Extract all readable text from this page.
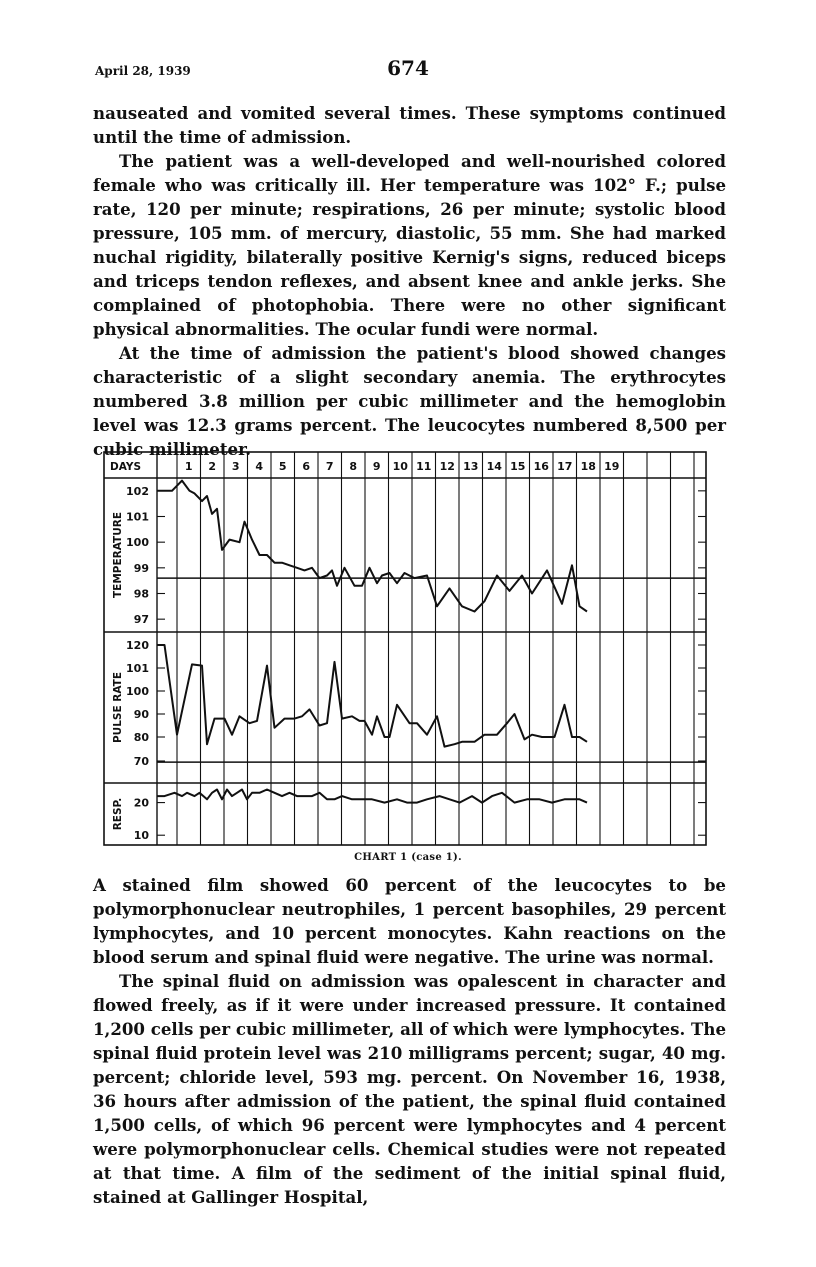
April 28, 1939	674

nauseated and vomited several times. These symptoms continued until the time of admission.

The patient was a well-developed and well-nourished colored female who was critically ill. Her temperature was 102° F.; pulse rate, 120 per minute; respirations, 26 per minute; systolic blood pressure, 105 mm. of mercury, diastolic, 55 mm. She had marked nuchal rigidity, bilaterally positive Kernig's signs, reduced biceps and triceps tendon reflexes, and absent knee and ankle jerks. She complained of photophobia. There were no other significant physical abnormalities. The ocular fundi were normal.

At the time of admission the patient's blood showed changes characteristic of a slight secondary anemia. The erythrocytes numbered 3.8 million per cubic millimeter and the hemoglobin level was 12.3 grams percent. The leucocytes numbered 8,500 per cubic millimeter.

DAYS	1 2 3 4 5 6 7 8 9 10 11 12 13 14 15 16 17 18 19
TEMPERATURE
102
101
100
99
98
97
PULSE RATE
120
101
100
90
80
70
RESP. 20
10
CHART 1 (case 1).

A stained film showed 60 percent of the leucocytes to be polymorphonuclear neutrophiles, 1 percent basophiles, 29 percent lymphocytes, and 10 percent monocytes. Kahn reactions on the blood serum and spinal fluid were negative. The urine was normal.

The spinal fluid on admission was opalescent in character and flowed freely, as if it were under increased pressure. It contained 1,200 cells per cubic millimeter, all of which were lymphocytes. The spinal fluid protein level was 210 milligrams percent; sugar, 40 mg. percent; chloride level, 593 mg. percent. On November 16, 1938, 36 hours after admission of the patient, the spinal fluid contained 1,500 cells, of which 96 percent were lymphocytes and 4 percent were polymorphonuclear cells. Chemical studies were not repeated at that time. A film of the sediment of the initial spinal fluid, stained at Gallinger Hospital,
